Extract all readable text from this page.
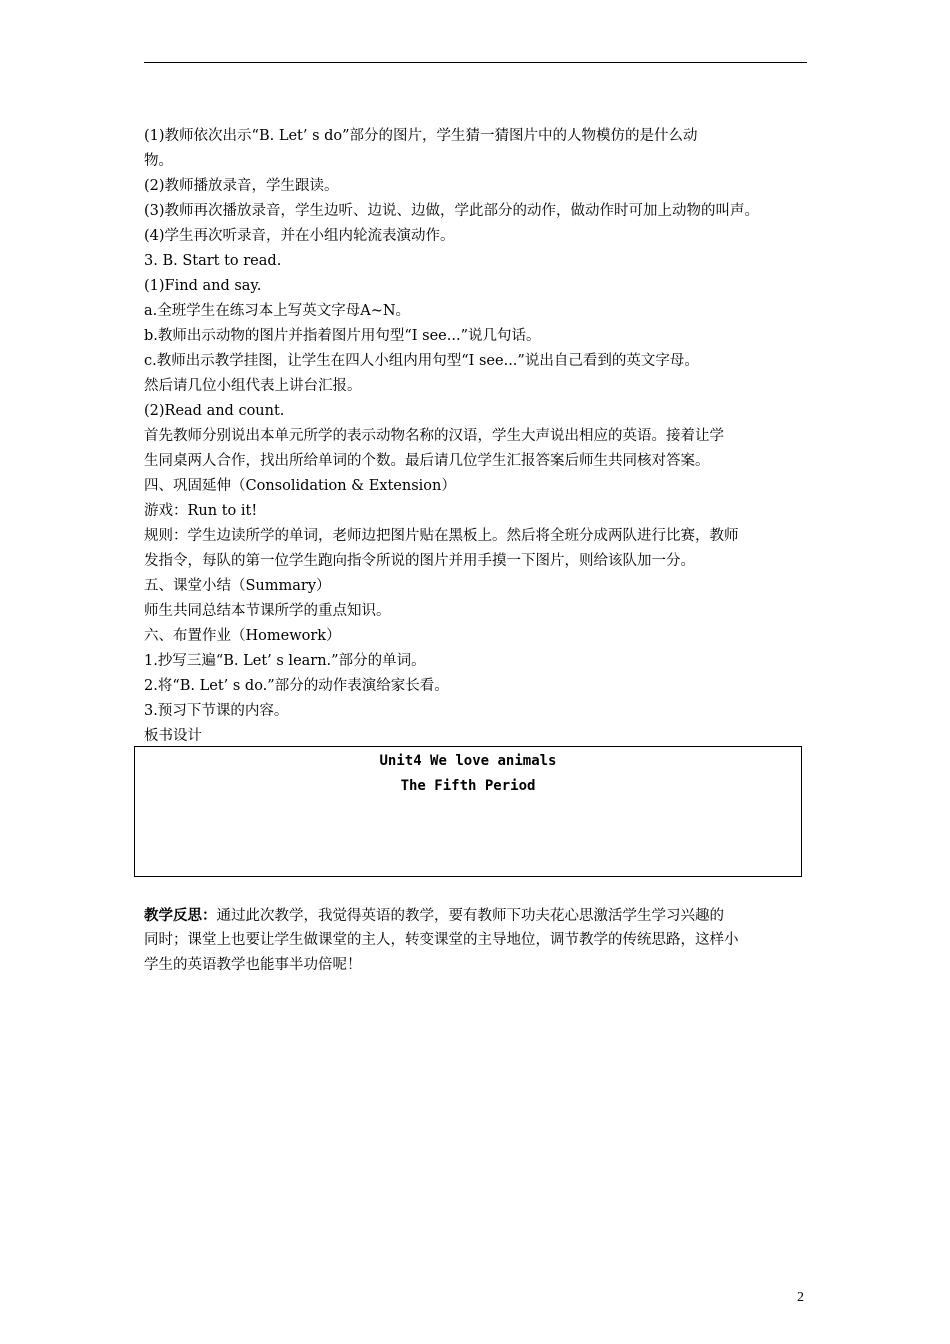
(1)教师依次出示“B. Let’ s do”部分的图片，学生猜一猜图片中的人物模仿的是什么动
物。
(2)教师播放录音，学生跟读。
(3)教师再次播放录音，学生边听、边说、边做，学此部分的动作，做动作时可加上动物的叫声。
(4)学生再次听录音，并在小组内轮流表演动作。
3. B. Start to read.
(1)Find and say.
a.全班学生在练习本上写英文字母A~N。
b.教师出示动物的图片并指着图片用句型“I see...”说几句话。
c.教师出示教学挂图，让学生在四人小组内用句型“I see...”说出自己看到的英文字母。
然后请几位小组代表上讲台汇报。
(2)Read and count.
首先教师分别说出本单元所学的表示动物名称的汉语，学生大声说出相应的英语。接着让学
生同桌两人合作，找出所给单词的个数。最后请几位学生汇报答案后师生共同核对答案。
四、巩固延伸（Consolidation & Extension）
游戏：Run to it!
规则：学生边读所学的单词，老师边把图片贴在黑板上。然后将全班分成两队进行比赛，教师
发指令，每队的第一位学生跑向指令所说的图片并用手摸一下图片，则给该队加一分。
五、课堂小结（Summary）
师生共同总结本节课所学的重点知识。
六、布置作业（Homework）
1.抄写三遍“B. Let’ s learn.”部分的单词。
2.将“B. Let’ s do.”部分的动作表演给家长看。
3.预习下节课的内容。
板书设计
Unit4 We love animals
The Fifth Period
教学反思：通过此次教学，我觉得英语的教学，要有教师下功夫花心思激活学生学习兴趣的
同时；课堂上也要让学生做课堂的主人，转变课堂的主导地位，调节教学的传统思路，这样小
学生的英语教学也能事半功倍呢！
2
